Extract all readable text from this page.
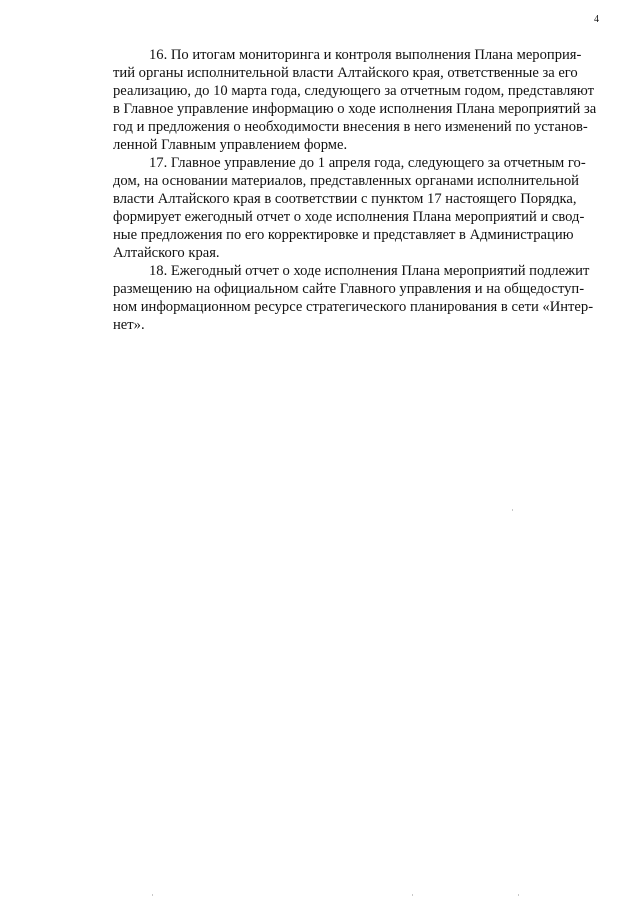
4

16. По итогам мониторинга и контроля выполнения Плана мероприя-
тий органы исполнительной власти Алтайского края, ответственные за его
реализацию, до 10 марта года, следующего за отчетным годом, представляют
в Главное управление информацию о ходе исполнения Плана мероприятий за
год и предложения о необходимости внесения в него изменений по установ-
ленной Главным управлением форме.

17. Главное управление до 1 апреля года, следующего за отчетным го-
дом, на основании материалов, представленных органами исполнительной
власти Алтайского края в соответствии с пунктом 17 настоящего Порядка,
формирует ежегодный отчет о ходе исполнения Плана мероприятий и свод-
ные предложения по его корректировке и представляет в Администрацию
Алтайского края.

18. Ежегодный отчет о ходе исполнения Плана мероприятий подлежит
размещению на официальном сайте Главного управления и на общедоступ-
ном информационном ресурсе стратегического планирования в сети «Интер-
нет».
